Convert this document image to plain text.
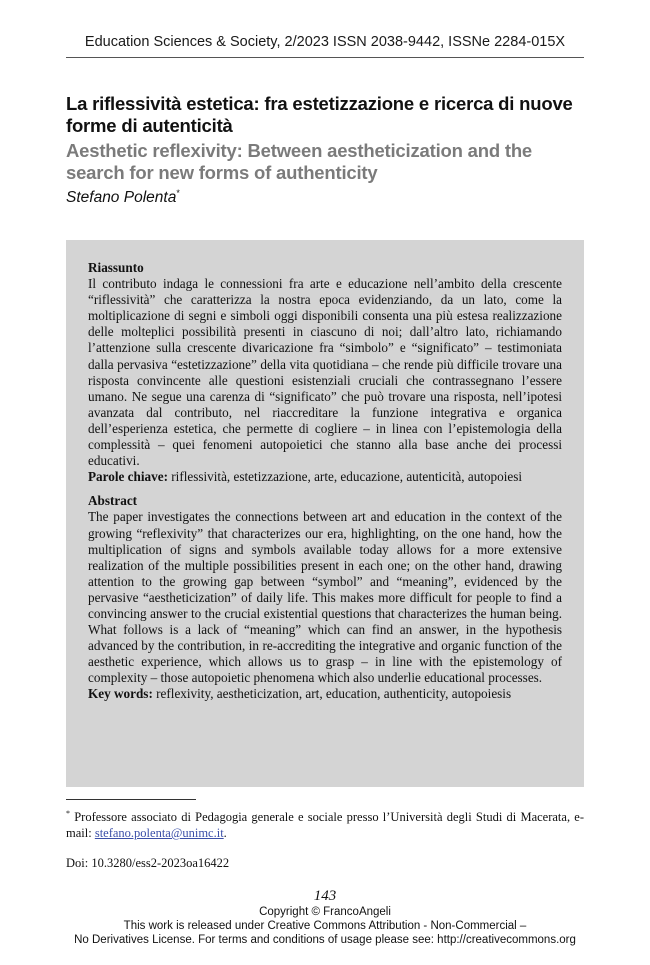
Education Sciences & Society, 2/2023 ISSN 2038-9442, ISSNe 2284-015X
La riflessività estetica: fra estetizzazione e ricerca di nuove forme di autenticità
Aesthetic reflexivity: Between aestheticization and the search for new forms of authenticity
Stefano Polenta*
Riassunto
Il contributo indaga le connessioni fra arte e educazione nell’ambito della crescente “riflessività” che caratterizza la nostra epoca evidenziando, da un lato, come la moltiplicazione di segni e simboli oggi disponibili consenta una più estesa realizzazione delle molteplici possibilità presenti in ciascuno di noi; dall’altro lato, richiamando l’attenzione sulla crescente divaricazione fra “simbolo” e “significato” – testimoniata dalla pervasiva “estetizzazione” della vita quotidiana – che rende più difficile trovare una risposta convincente alle questioni esistenziali cruciali che contrassegnano l’essere umano. Ne segue una carenza di “significato” che può trovare una risposta, nell’ipotesi avanzata dal contributo, nel riaccreditare la funzione integrativa e organica dell’esperienza estetica, che permette di cogliere – in linea con l’epistemologia della complessità – quei fenomeni autopoietici che stanno alla base anche dei processi educativi.
Parole chiave: riflessività, estetizzazione, arte, educazione, autenticità, autopoiesi
Abstract
The paper investigates the connections between art and education in the context of the growing “reflexivity” that characterizes our era, highlighting, on the one hand, how the multiplication of signs and symbols available today allows for a more extensive realization of the multiple possibilities present in each one; on the other hand, drawing attention to the growing gap between “symbol” and “meaning”, evidenced by the pervasive “aestheticization” of daily life. This makes more difficult for people to find a convincing answer to the crucial existential questions that characterizes the human being. What follows is a lack of “meaning” which can find an answer, in the hypothesis advanced by the contribution, in re-accrediting the integrative and organic function of the aesthetic experience, which allows us to grasp – in line with the epistemology of complexity – those autopoietic phenomena which also underlie educational processes.
Key words: reflexivity, aestheticization, art, education, authenticity, autopoiesis
* Professore associato di Pedagogia generale e sociale presso l’Università degli Studi di Macerata, e-mail: stefano.polenta@unimc.it.
Doi: 10.3280/ess2-2023oa16422
143
Copyright © FrancoAngeli
This work is released under Creative Commons Attribution - Non-Commercial –
No Derivatives License. For terms and conditions of usage please see: http://creativecommons.org
